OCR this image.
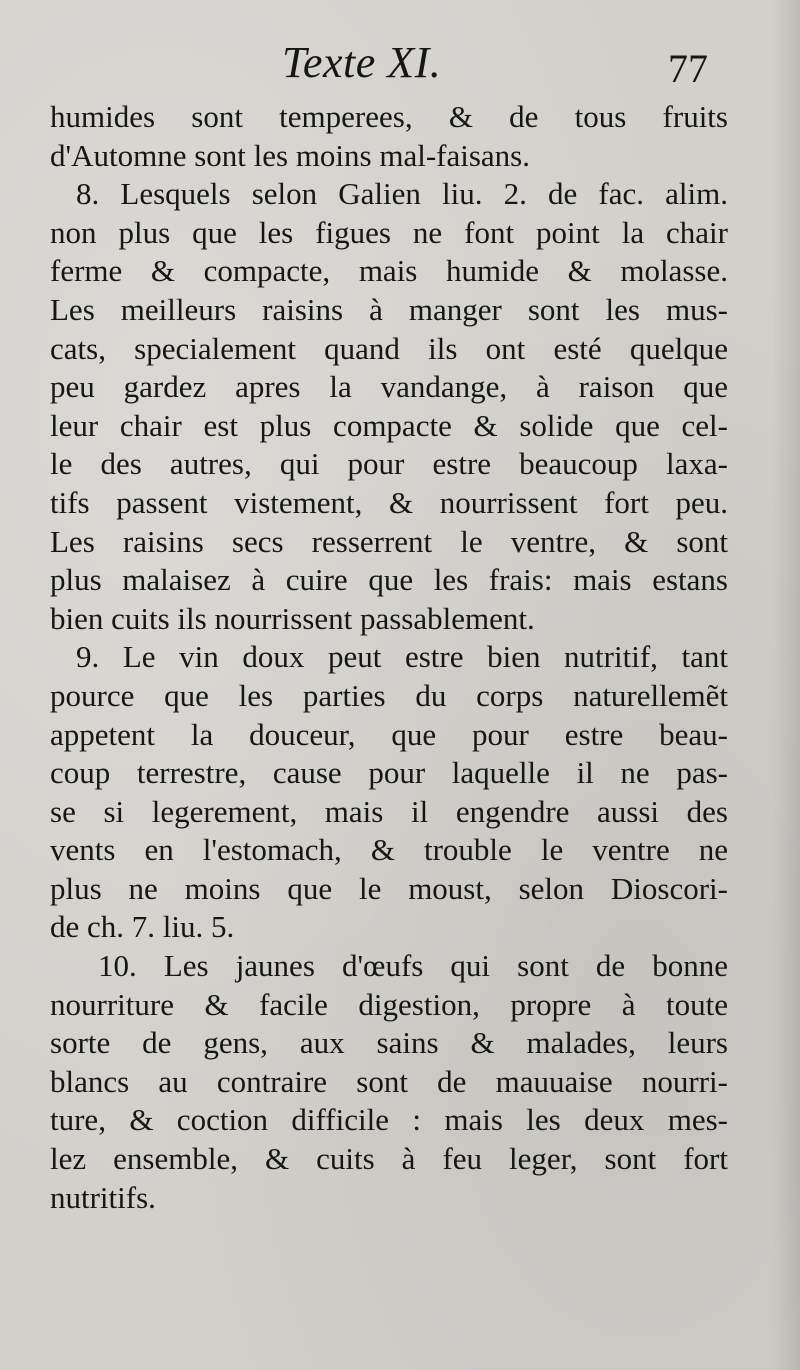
Texte XI.	77
humides sont temperees, & de tous fruits
d'Automne sont les moins mal-faisans.
8. Lesquels selon Galien liu. 2. de fac. alim.
non plus que les figues ne font point la chair
ferme & compacte, mais humide & molasse.
Les meilleurs raisins à manger sont les mus-
cats, specialement quand ils ont esté quelque
peu gardez apres la vandange, à raison que
leur chair est plus compacte & solide que cel-
le des autres, qui pour estre beaucoup laxa-
tifs passent vistement, & nourrissent fort peu.
Les raisins secs resserrent le ventre, & sont
plus malaisez à cuire que les frais: mais estans
bien cuits ils nourrissent passablement.
9. Le vin doux peut estre bien nutritif, tant
pource que les parties du corps naturellemẽt
appetent la douceur, que pour estre beau-
coup terrestre, cause pour laquelle il ne pas-
se si legerement, mais il engendre aussi des
vents en l'estomach, & trouble le ventre ne
plus ne moins que le moust, selon Dioscori-
de ch. 7. liu. 5.
10. Les jaunes d'œufs qui sont de bonne
nourriture & facile digestion, propre à toute
sorte de gens, aux sains & malades, leurs
blancs au contraire sont de mauuaise nourri-
ture, & coction difficile : mais les deux mes-
lez ensemble, & cuits à feu leger, sont fort
nutritifs.
